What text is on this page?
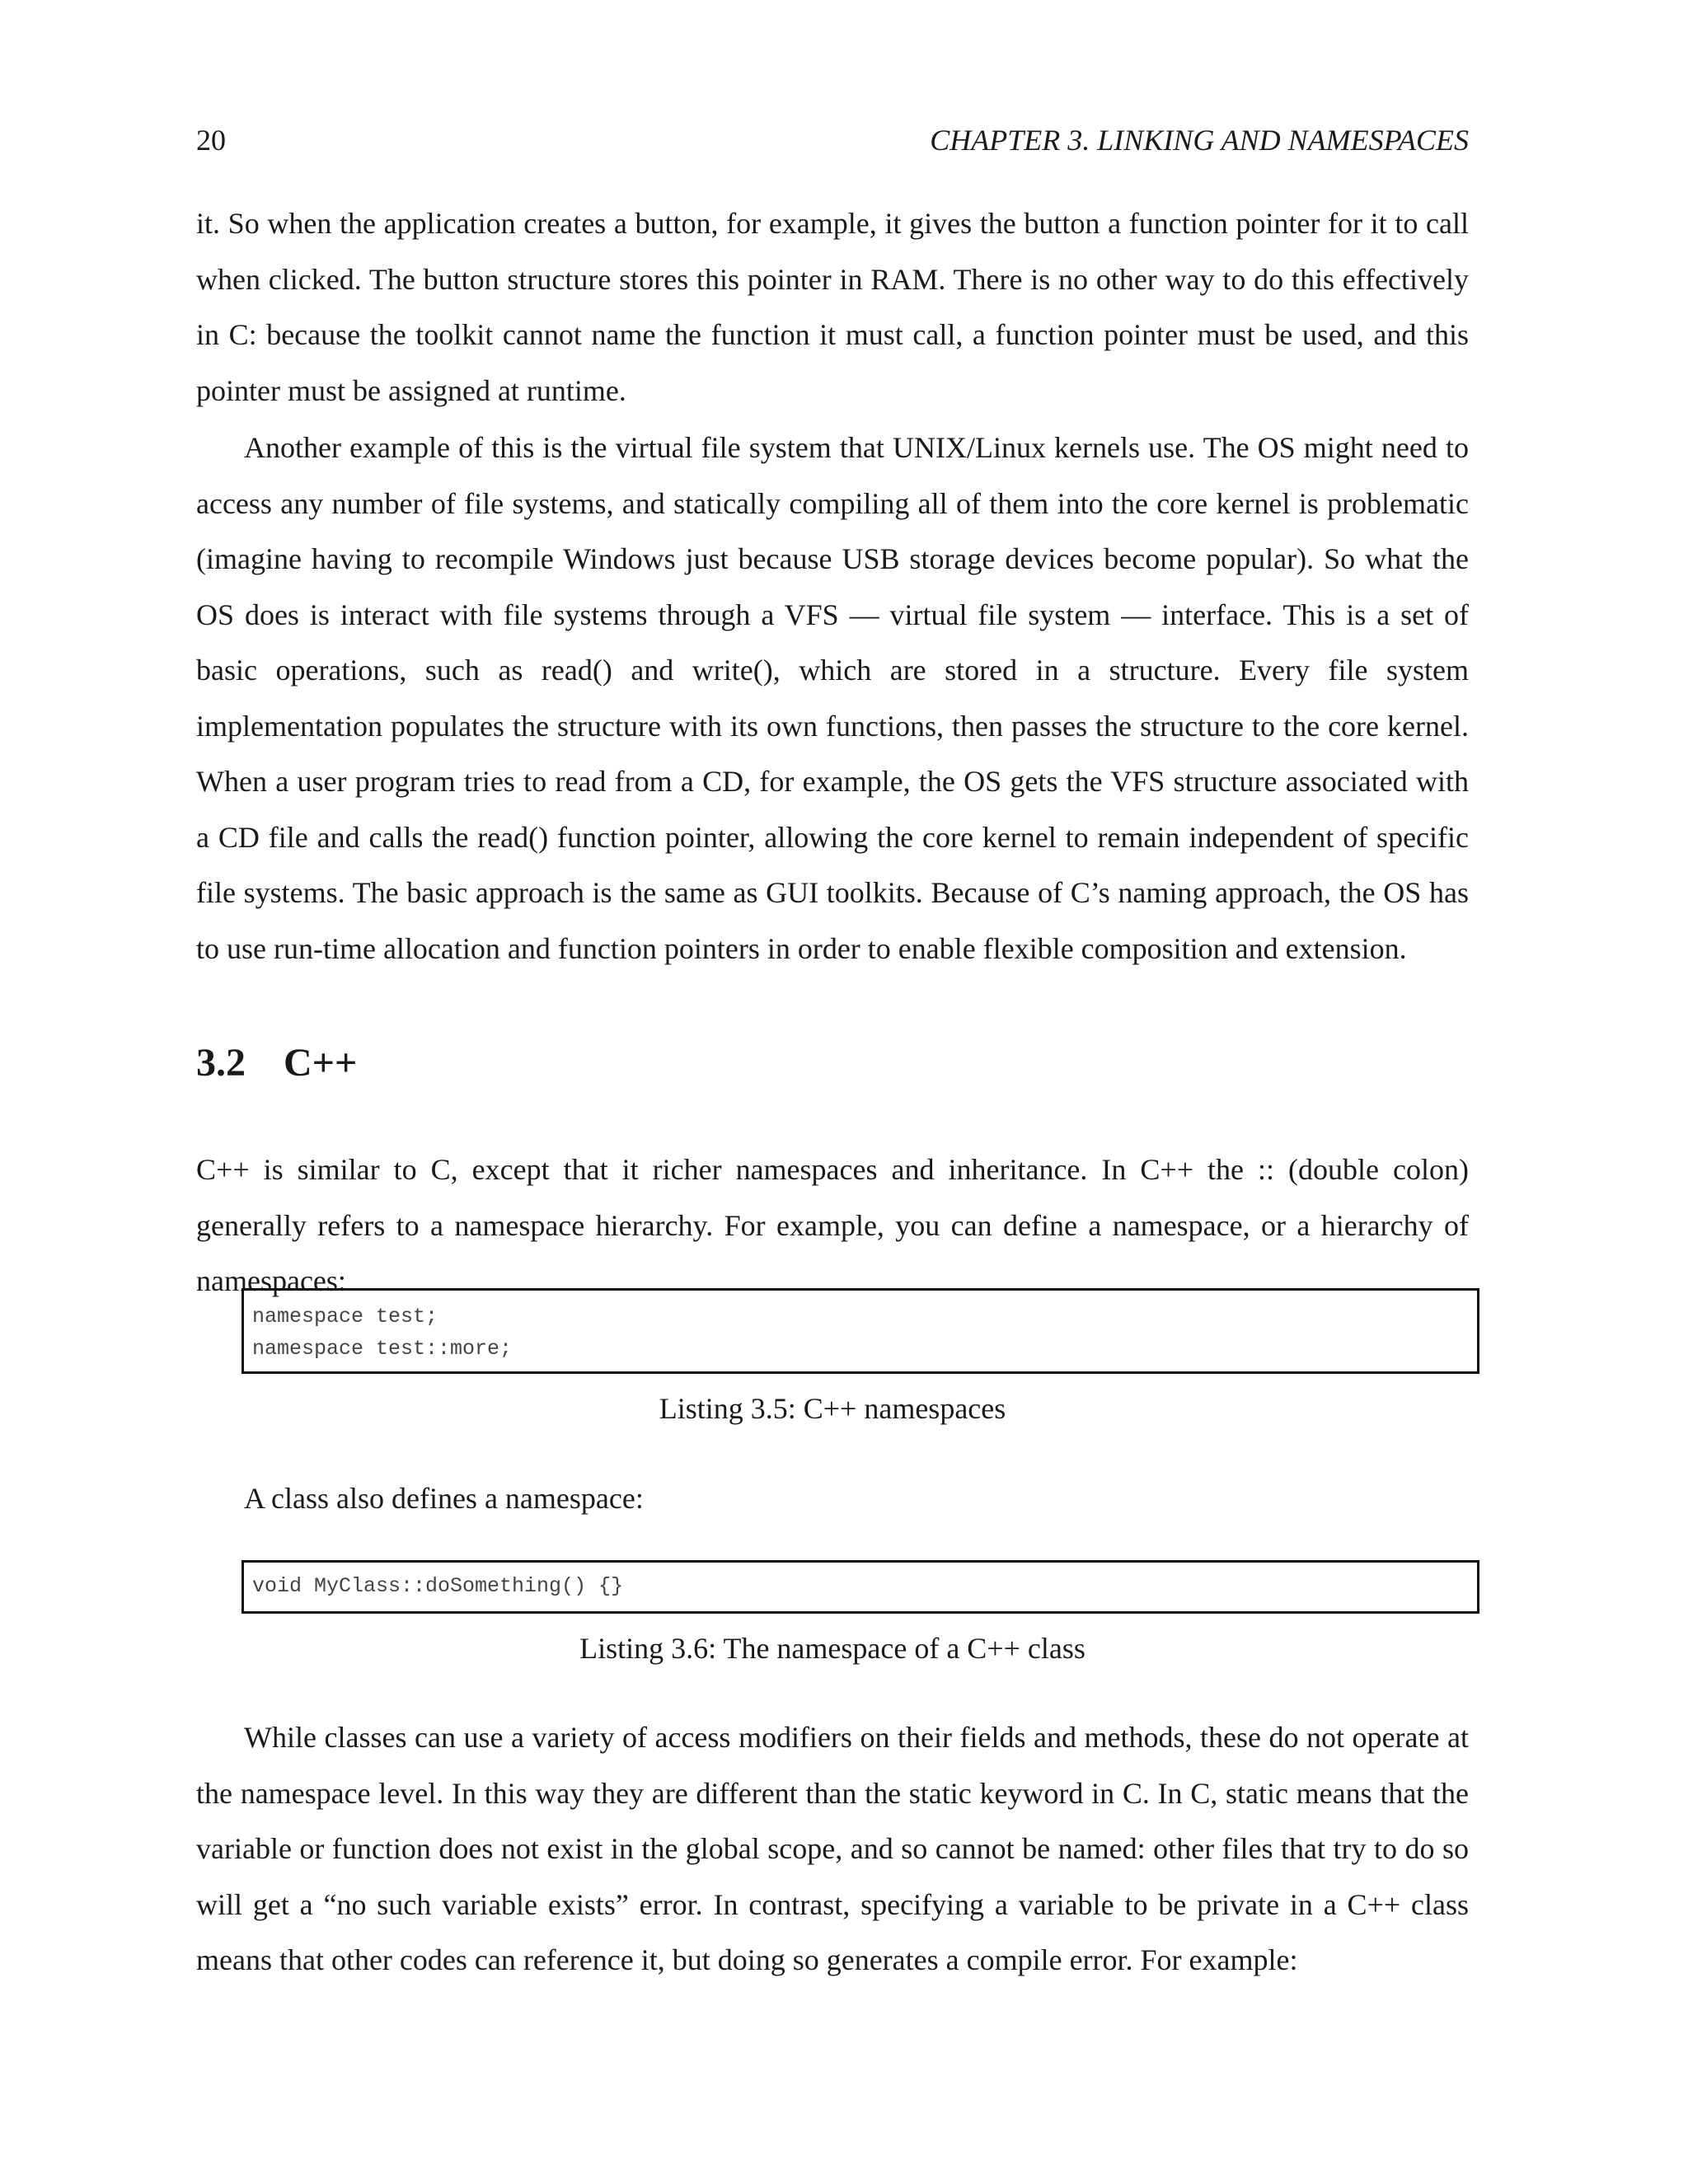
20	CHAPTER 3. LINKING AND NAMESPACES

it. So when the application creates a button, for example, it gives the button a function pointer for it to call when clicked. The button structure stores this pointer in RAM. There is no other way to do this effectively in C: because the toolkit cannot name the function it must call, a function pointer must be used, and this pointer must be assigned at runtime.

Another example of this is the virtual file system that UNIX/Linux kernels use. The OS might need to access any number of file systems, and statically compiling all of them into the core kernel is problematic (imagine having to recompile Windows just because USB storage devices become popular). So what the OS does is interact with file systems through a VFS — virtual file system — interface. This is a set of basic operations, such as read() and write(), which are stored in a structure. Every file system implementation populates the structure with its own functions, then passes the structure to the core kernel. When a user program tries to read from a CD, for example, the OS gets the VFS structure associated with a CD file and calls the read() function pointer, allowing the core kernel to remain independent of specific file systems. The basic approach is the same as GUI toolkits. Because of C’s naming approach, the OS has to use run-time allocation and function pointers in order to enable flexible composition and extension.

3.2 C++

C++ is similar to C, except that it richer namespaces and inheritance. In C++ the :: (double colon) generally refers to a namespace hierarchy. For example, you can define a namespace, or a hierarchy of namespaces:

namespace test;
namespace test::more;
Listing 3.5: C++ namespaces

A class also defines a namespace:

void MyClass::doSomething() {}
Listing 3.6: The namespace of a C++ class

While classes can use a variety of access modifiers on their fields and methods, these do not operate at the namespace level. In this way they are different than the static keyword in C. In C, static means that the variable or function does not exist in the global scope, and so cannot be named: other files that try to do so will get a “no such variable exists” error. In contrast, specifying a variable to be private in a C++ class means that other codes can reference it, but doing so generates a compile error. For example:
